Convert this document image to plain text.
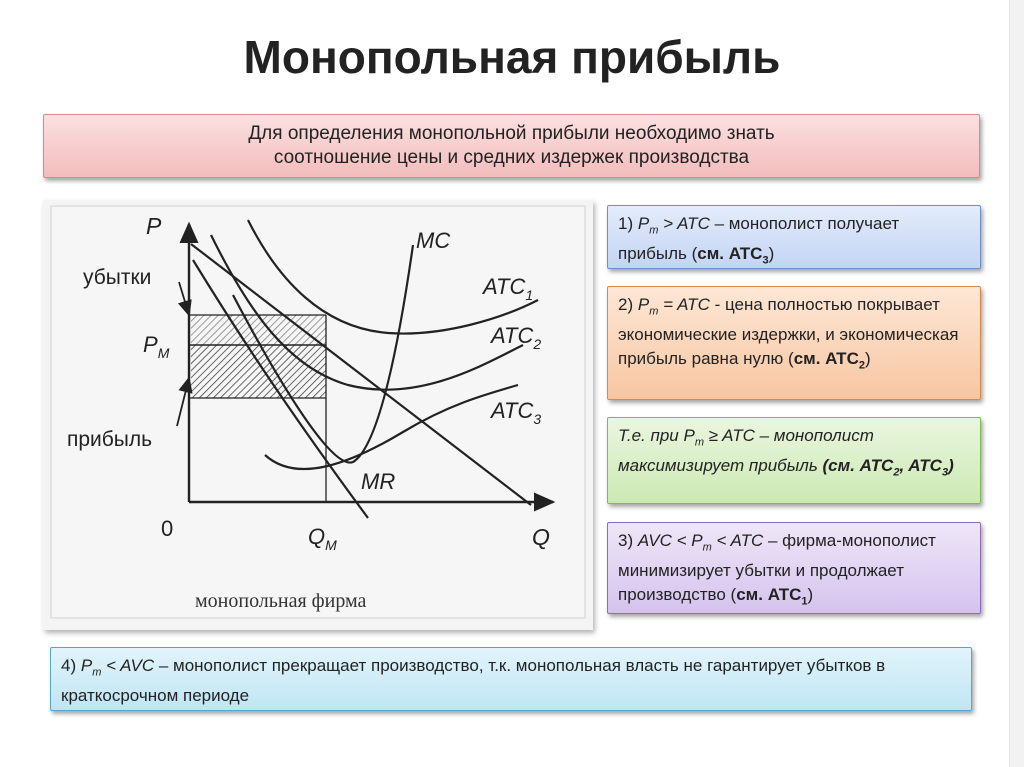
Монопольная прибыль
Для определения монопольной прибыли необходимо знать
соотношение цены и средних издержек производства
P
Q
0
MC
$ATC_1$
$ATC_2$
$ATC_3$
MR
$P_M$
$Q_M$
убытки
прибыль
монопольная фирма
1) $P_m$ > ATC – монополист получает прибыль (см. $ATC_3$)
2) $P_m$ = ATC - цена полностью покрывает экономические издержки, и экономическая прибыль равна нулю (см. $ATC_2$)
Т.е. при $P_m$ ≥ ATC – монополист максимизирует прибыль (см. $ATC_2$, $ATC_3$)
3) AVC < $P_m$ < ATC – фирма-монополист минимизирует убытки и продолжает производство (см. $ATC_1$)
4) $P_m$ < AVC – монополист прекращает производство, т.к. монопольная власть не гарантирует убытков в краткосрочном периоде
